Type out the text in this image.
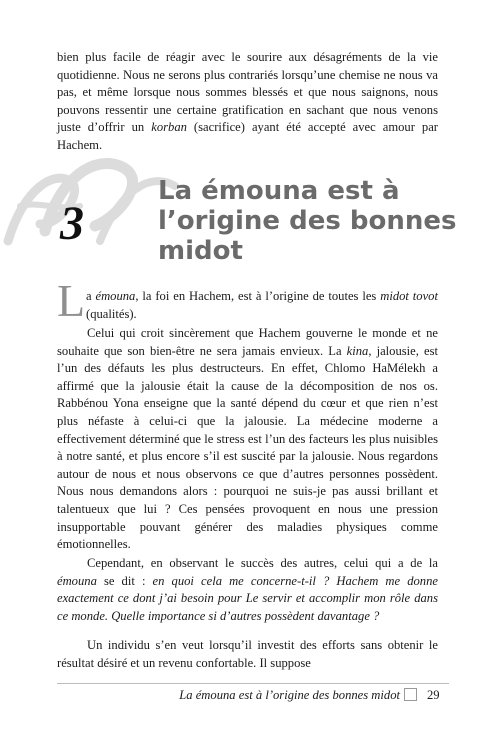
bien plus facile de réagir avec le sourire aux désagréments de la vie quotidienne. Nous ne serons plus contrariés lorsqu’une chemise ne nous va pas, et même lorsque nous sommes blessés et que nous saignons, nous pouvons ressentir une certaine gratification en sachant que nous venons juste d’offrir un korban (sacrifice) ayant été accepté avec amour par Hachem.

3
La émouna est à l’origine des bonnes midot
L a émouna, la foi en Hachem, est à l’origine de toutes les midot tovot (qualités).

Celui qui croit sincèrement que Hachem gouverne le monde et ne souhaite que son bien-être ne sera jamais envieux. La kina, jalousie, est l’un des défauts les plus destructeurs. En effet, Chlomo HaMélekh a affirmé que la jalousie était la cause de la décomposition de nos os. Rabbénou Yona enseigne que la santé dépend du cœur et que rien n’est plus néfaste à celui-ci que la jalousie. La médecine moderne a effectivement déterminé que le stress est l’un des facteurs les plus nuisibles à notre santé, et plus encore s’il est suscité par la jalousie. Nous regardons autour de nous et nous observons ce que d’autres personnes possèdent. Nous nous demandons alors : pourquoi ne suis-je pas aussi brillant et talentueux que lui ? Ces pensées provoquent en nous une pression insupportable pouvant générer des maladies physiques comme émotionnelles.

Cependant, en observant le succès des autres, celui qui a de la émouna se dit : en quoi cela me concerne-t-il ? Hachem me donne exactement ce dont j’ai besoin pour Le servir et accomplir mon rôle dans ce monde. Quelle importance si d’autres possèdent davantage ?

Un individu s’en veut lorsqu’il investit des efforts sans obtenir le résultat désiré et un revenu confortable. Il suppose

La émouna est à l’origine des bonnes midot 29
